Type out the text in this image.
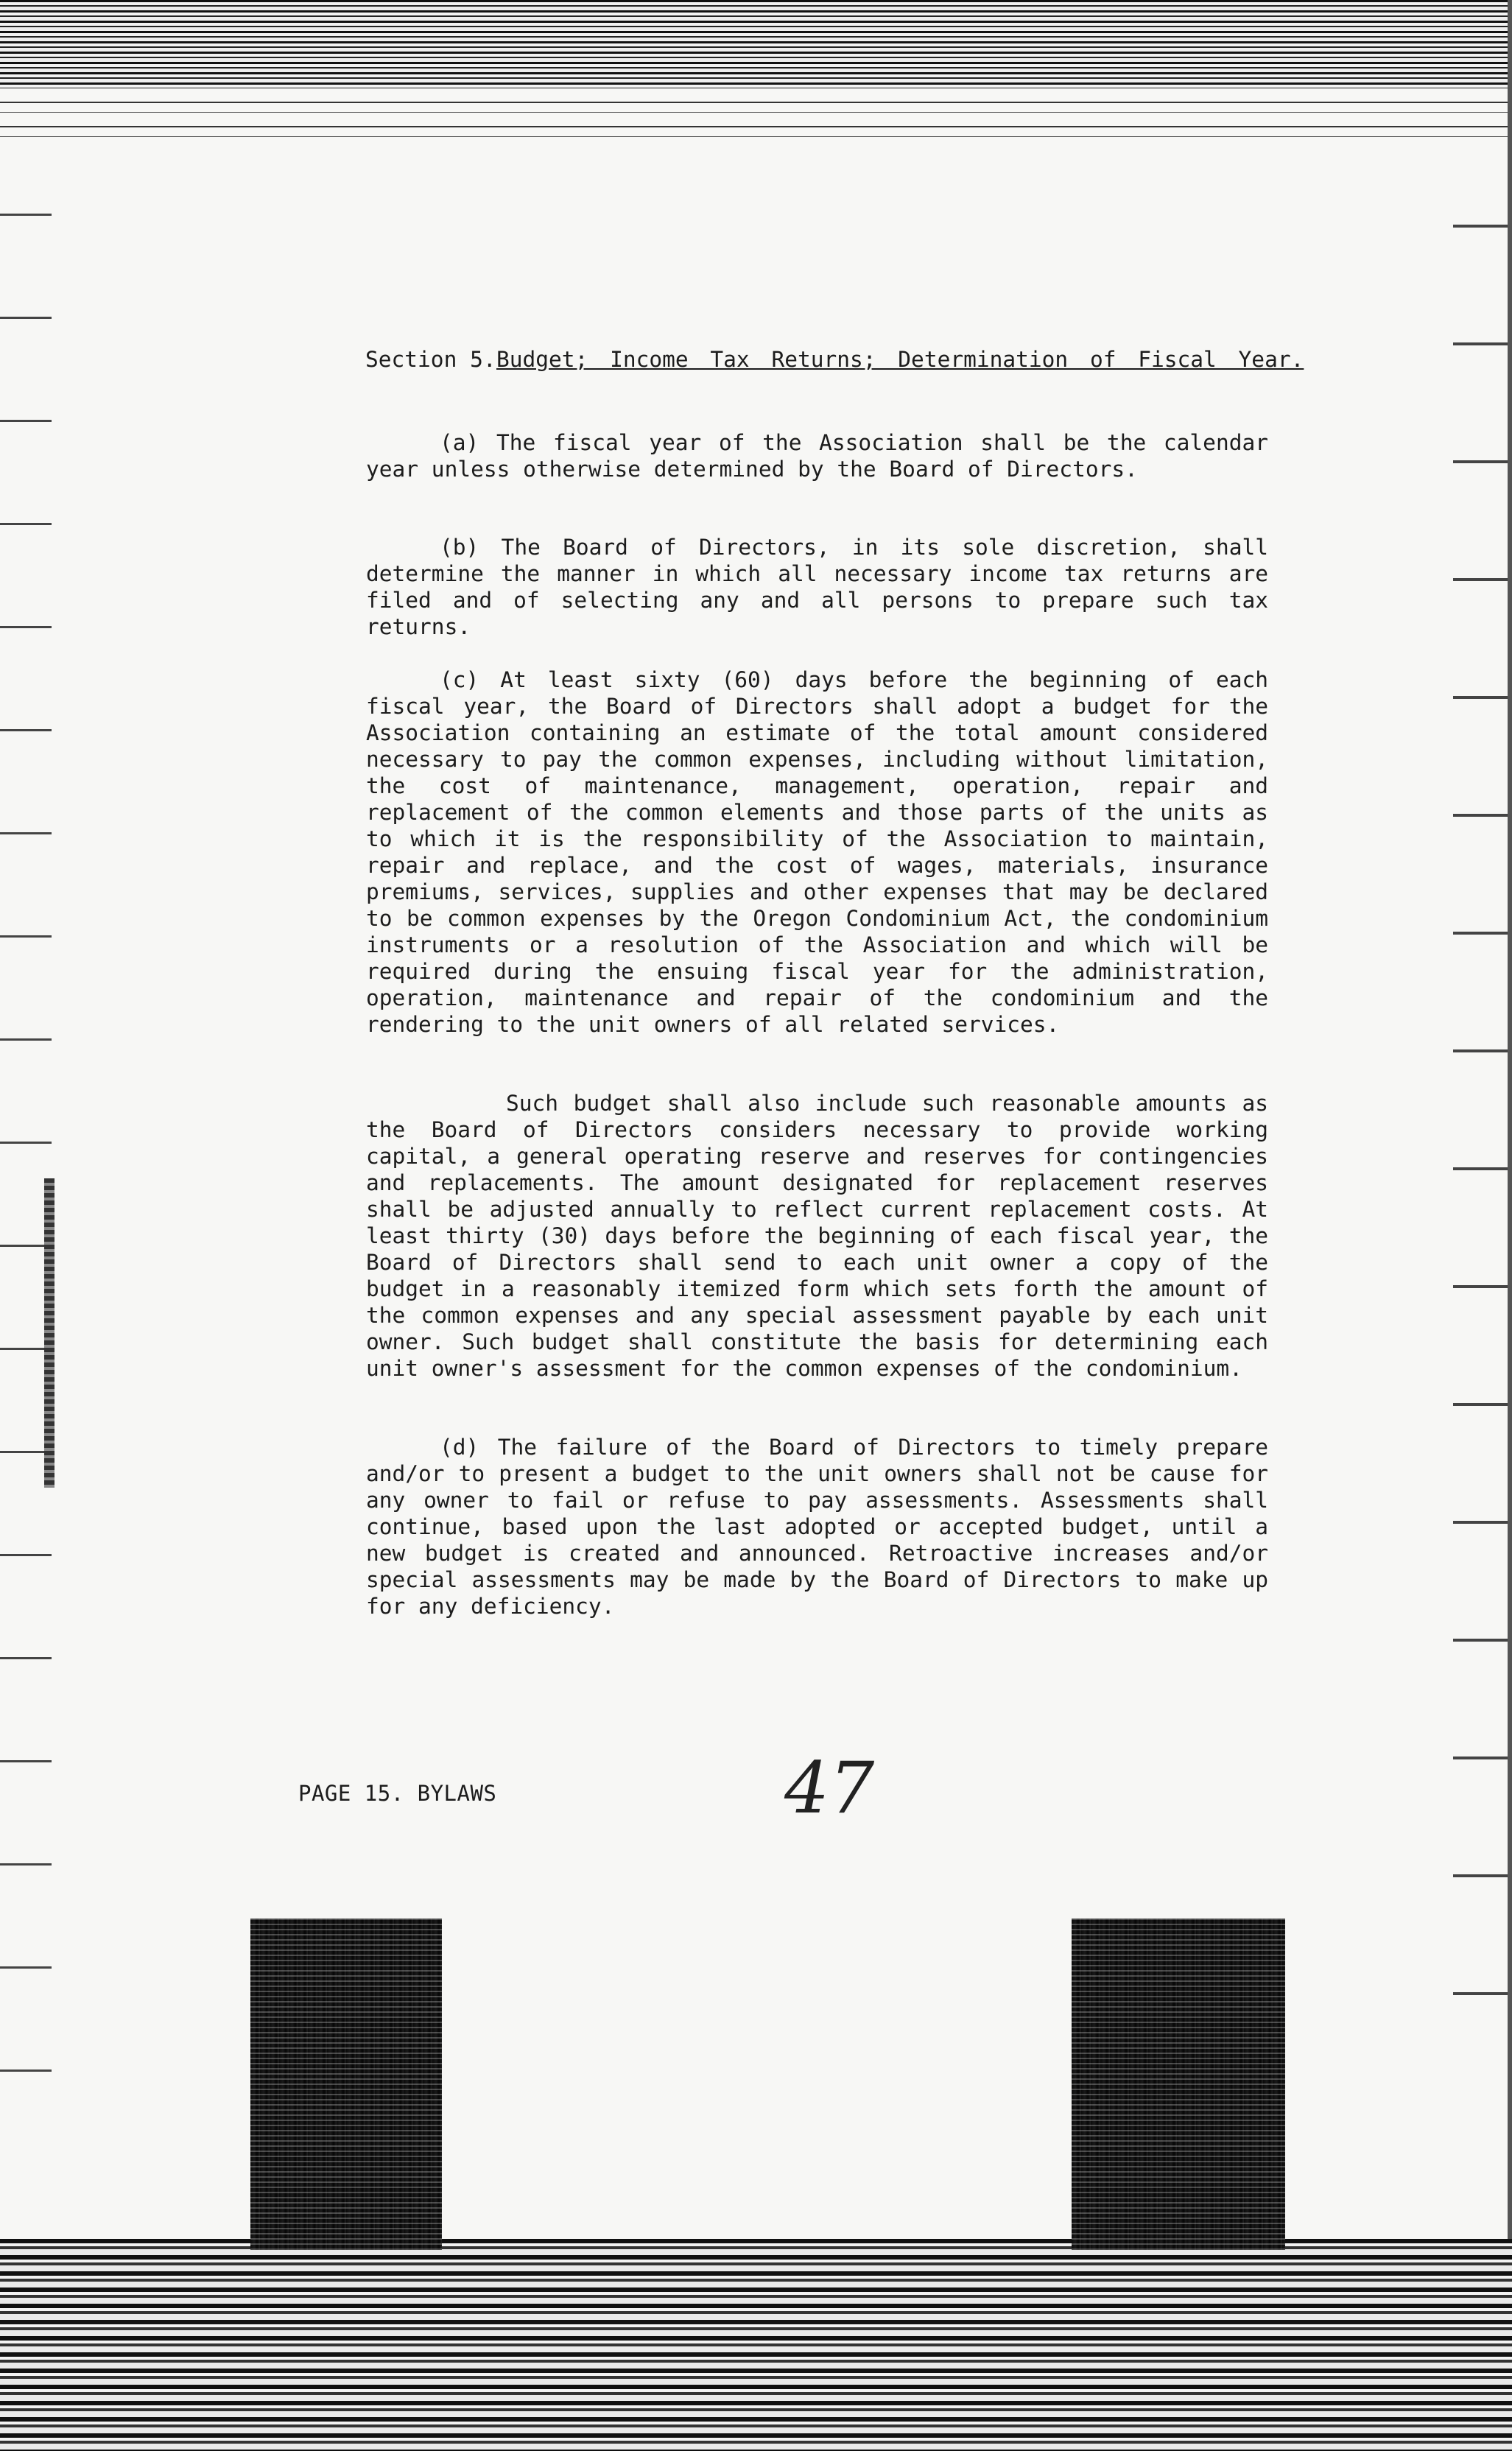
Section 5.Budget; Income Tax Returns; Determination of Fiscal Year.

(a) The fiscal year of the Association shall be the calendar year unless otherwise determined by the Board of Directors.

(b) The Board of Directors, in its sole discretion, shall determine the manner in which all necessary income tax returns are filed and of selecting any and all persons to prepare such tax returns.

(c) At least sixty (60) days before the beginning of each fiscal year, the Board of Directors shall adopt a budget for the Association containing an estimate of the total amount considered necessary to pay the common expenses, including without limitation, the cost of maintenance, management, operation, repair and replacement of the common elements and those parts of the units as to which it is the responsibility of the Association to maintain, repair and replace, and the cost of wages, materials, insurance premiums, services, supplies and other expenses that may be declared to be common expenses by the Oregon Condominium Act, the condominium instruments or a resolution of the Association and which will be required during the ensuing fiscal year for the administration, operation, maintenance and repair of the condominium and the rendering to the unit owners of all related services.

Such budget shall also include such reasonable amounts as the Board of Directors considers necessary to provide working capital, a general operating reserve and reserves for contingencies and replacements. The amount designated for replacement reserves shall be adjusted annually to reflect current replacement costs. At least thirty (30) days before the beginning of each fiscal year, the Board of Directors shall send to each unit owner a copy of the budget in a reasonably itemized form which sets forth the amount of the common expenses and any special assessment payable by each unit owner. Such budget shall constitute the basis for determining each unit owner's assessment for the common expenses of the condominium.

(d) The failure of the Board of Directors to timely prepare and/or to present a budget to the unit owners shall not be cause for any owner to fail or refuse to pay assessments. Assessments shall continue, based upon the last adopted or accepted budget, until a new budget is created and announced. Retroactive increases and/or special assessments may be made by the Board of Directors to make up for any deficiency.

PAGE 15. BYLAWS	47
